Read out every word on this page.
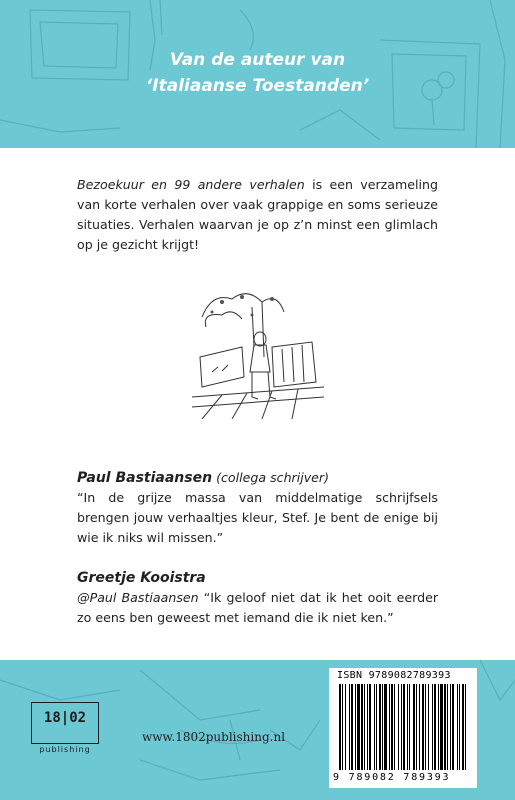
Van de auteur van
‘Italiaanse Toestanden’
Bezoekuur en 99 andere verhalen is een verzameling van korte verhalen over vaak grappige en soms serieuze situaties. Verhalen waarvan je op z’n minst een glimlach op je gezicht krijgt!
Paul Bastiaansen (collega schrijver)
“In de grijze massa van middelmatige schrijfsels brengen jouw verhaaltjes kleur, Stef. Je bent de enige bij wie ik niks wil missen.”
Greetje Kooistra
@Paul Bastiaansen “Ik geloof niet dat ik het ooit eerder zo eens ben geweest met iemand die ik niet ken.”
18|02
publishing
www.1802publishing.nl
ISBN 9789082789393
9 789082 789393
